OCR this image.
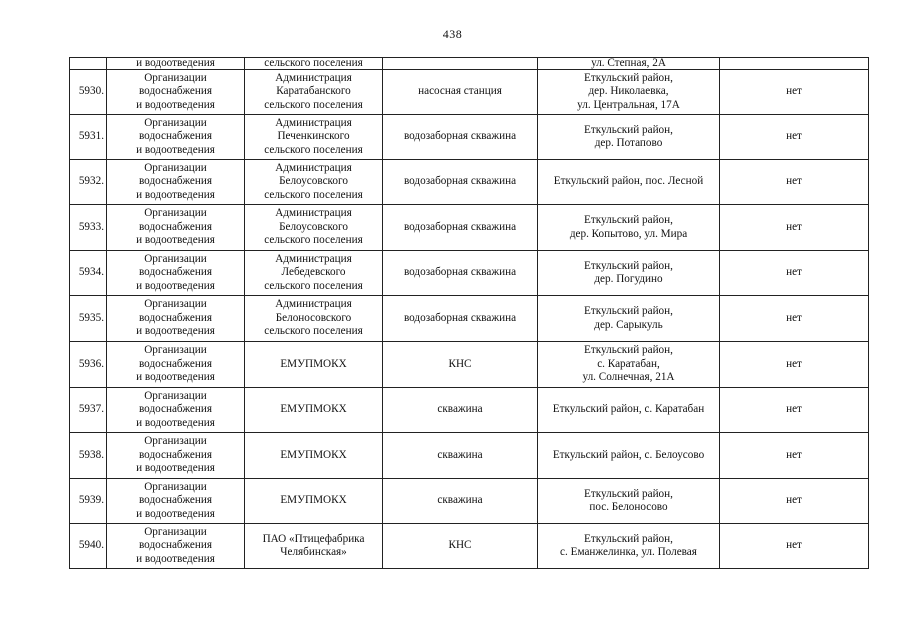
438
	и водоотведения	сельского поселения		ул. Степная, 2А	
5930.	Организации
водоснабжения
и водоотведения	Администрация
Каратабанского
сельского поселения	насосная станция	Еткульский район,
дер. Николаевка,
ул. Центральная, 17А	нет
5931.	Организации
водоснабжения
и водоотведения	Администрация
Печенкинского
сельского поселения	водозаборная скважина	Еткульский район,
дер. Потапово	нет
5932.	Организации
водоснабжения
и водоотведения	Администрация
Белоусовского
сельского поселения	водозаборная скважина	Еткульский район, пос. Лесной	нет
5933.	Организации
водоснабжения
и водоотведения	Администрация
Белоусовского
сельского поселения	водозаборная скважина	Еткульский район,
дер. Копытово, ул. Мира	нет
5934.	Организации
водоснабжения
и водоотведения	Администрация
Лебедевского
сельского поселения	водозаборная скважина	Еткульский район,
дер. Погудино	нет
5935.	Организации
водоснабжения
и водоотведения	Администрация
Белоносовского
сельского поселения	водозаборная скважина	Еткульский район,
дер. Сарыкуль	нет
5936.	Организации
водоснабжения
и водоотведения	ЕМУПМОКХ	КНС	Еткульский район,
с. Каратабан,
ул. Солнечная, 21А	нет
5937.	Организации
водоснабжения
и водоотведения	ЕМУПМОКХ	скважина	Еткульский район, с. Каратабан	нет
5938.	Организации
водоснабжения
и водоотведения	ЕМУПМОКХ	скважина	Еткульский район, с. Белоусово	нет
5939.	Организации
водоснабжения
и водоотведения	ЕМУПМОКХ	скважина	Еткульский район,
пос. Белоносово	нет
5940.	Организации
водоснабжения
и водоотведения	ПАО «Птицефабрика
Челябинская»	КНС	Еткульский район,
с. Еманжелинка, ул. Полевая	нет
